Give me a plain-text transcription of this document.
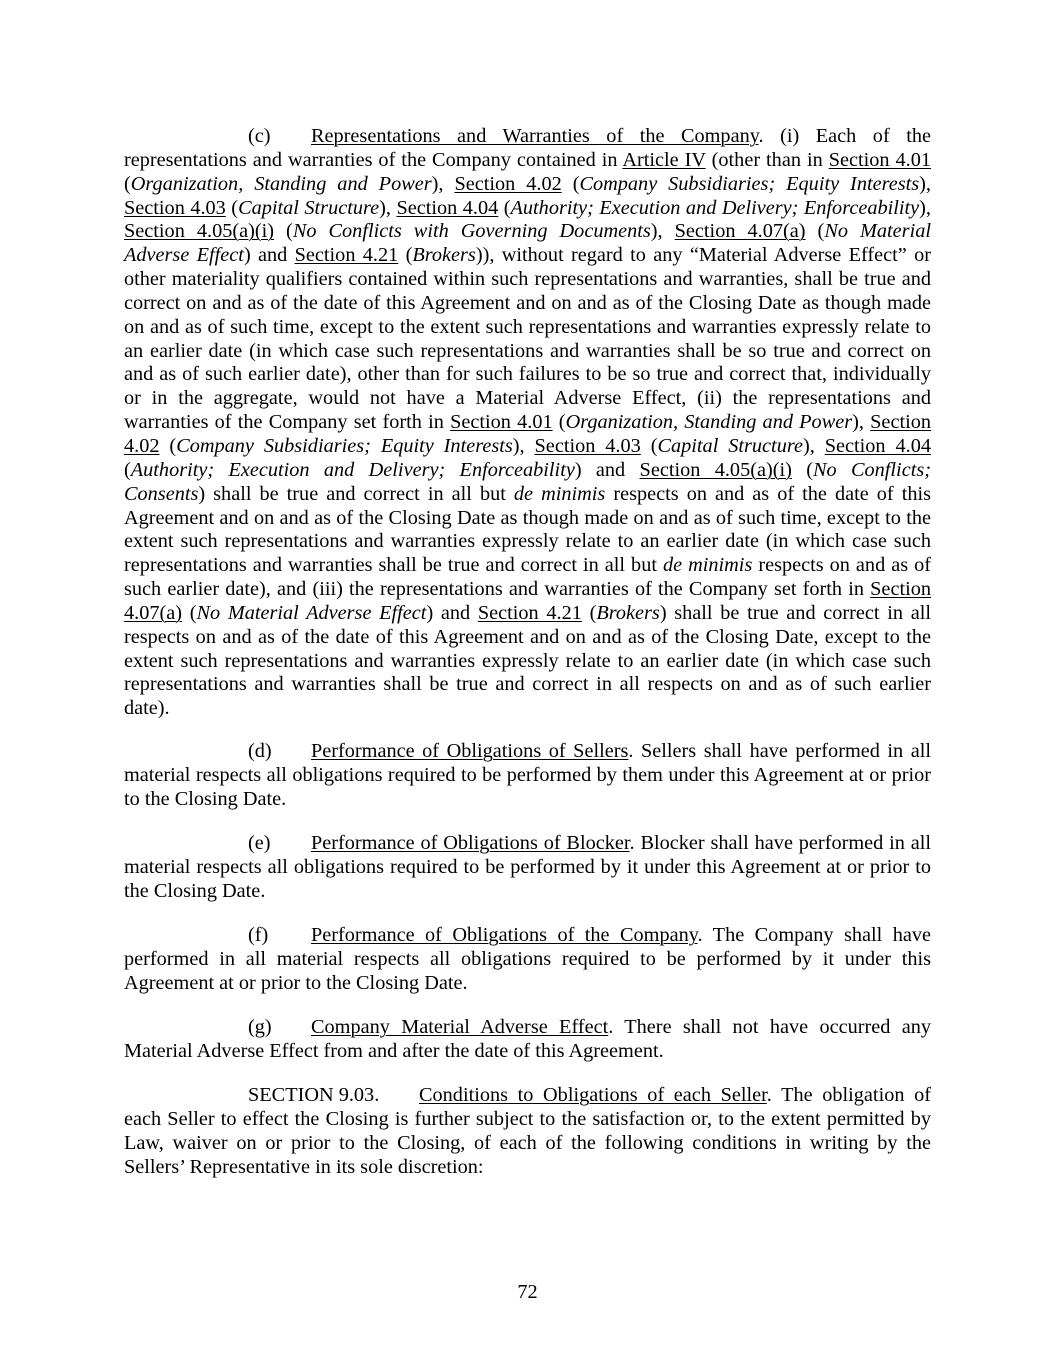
(c) Representations and Warranties of the Company. (i) Each of the representations and warranties of the Company contained in Article IV (other than in Section 4.01 (Organization, Standing and Power), Section 4.02 (Company Subsidiaries; Equity Interests), Section 4.03 (Capital Structure), Section 4.04 (Authority; Execution and Delivery; Enforceability), Section 4.05(a)(i) (No Conflicts with Governing Documents), Section 4.07(a) (No Material Adverse Effect) and Section 4.21 (Brokers)), without regard to any “Material Adverse Effect” or other materiality qualifiers contained within such representations and warranties, shall be true and correct on and as of the date of this Agreement and on and as of the Closing Date as though made on and as of such time, except to the extent such representations and warranties expressly relate to an earlier date (in which case such representations and warranties shall be so true and correct on and as of such earlier date), other than for such failures to be so true and correct that, individually or in the aggregate, would not have a Material Adverse Effect, (ii) the representations and warranties of the Company set forth in Section 4.01 (Organization, Standing and Power), Section 4.02 (Company Subsidiaries; Equity Interests), Section 4.03 (Capital Structure), Section 4.04 (Authority; Execution and Delivery; Enforceability) and Section 4.05(a)(i) (No Conflicts; Consents) shall be true and correct in all but de minimis respects on and as of the date of this Agreement and on and as of the Closing Date as though made on and as of such time, except to the extent such representations and warranties expressly relate to an earlier date (in which case such representations and warranties shall be true and correct in all but de minimis respects on and as of such earlier date), and (iii) the representations and warranties of the Company set forth in Section 4.07(a) (No Material Adverse Effect) and Section 4.21 (Brokers) shall be true and correct in all respects on and as of the date of this Agreement and on and as of the Closing Date, except to the extent such representations and warranties expressly relate to an earlier date (in which case such representations and warranties shall be true and correct in all respects on and as of such earlier date).
(d) Performance of Obligations of Sellers. Sellers shall have performed in all material respects all obligations required to be performed by them under this Agreement at or prior to the Closing Date.
(e) Performance of Obligations of Blocker. Blocker shall have performed in all material respects all obligations required to be performed by it under this Agreement at or prior to the Closing Date.
(f) Performance of Obligations of the Company. The Company shall have performed in all material respects all obligations required to be performed by it under this Agreement at or prior to the Closing Date.
(g) Company Material Adverse Effect. There shall not have occurred any Material Adverse Effect from and after the date of this Agreement.
SECTION 9.03. Conditions to Obligations of each Seller. The obligation of each Seller to effect the Closing is further subject to the satisfaction or, to the extent permitted by Law, waiver on or prior to the Closing, of each of the following conditions in writing by the Sellers’ Representative in its sole discretion:
72
